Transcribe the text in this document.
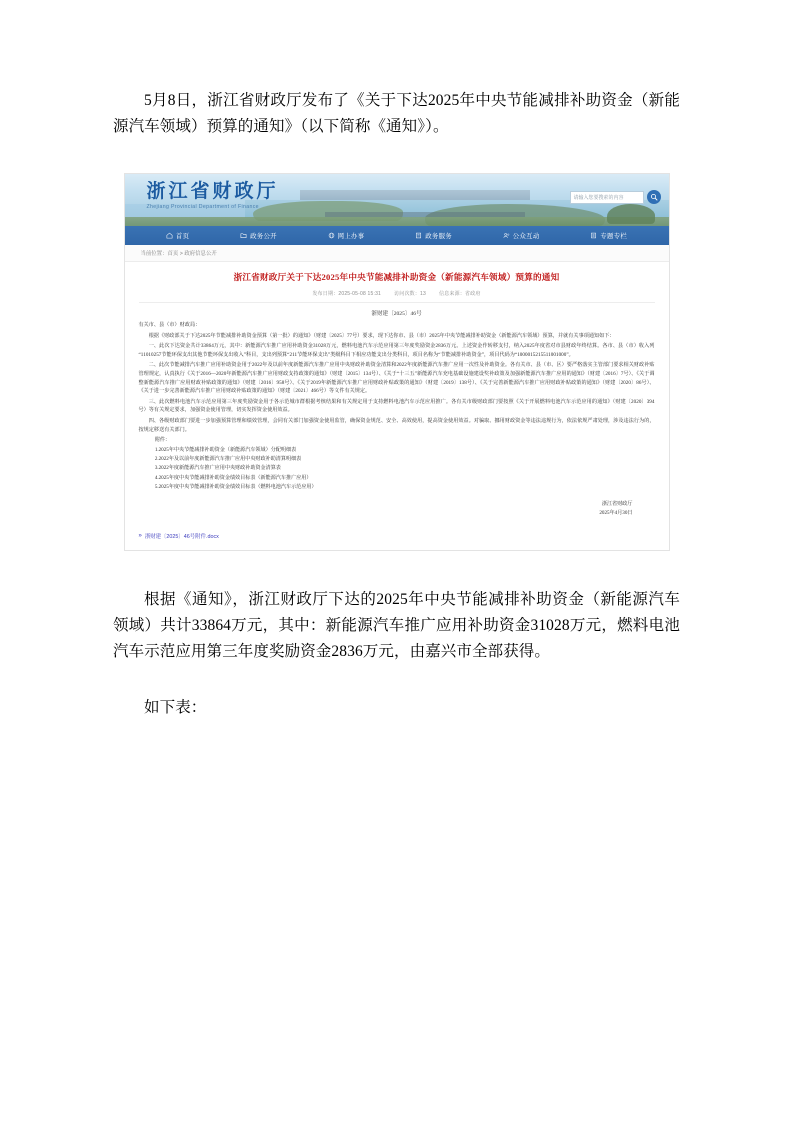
5月8日，浙江省财政厅发布了《关于下达2025年中央节能减排补助资金（新能源汽车领域）预算的通知》（以下简称《通知》）。

浙江省财政厅
Zhejiang Provincial Department of Finance
请输入您要搜索的内容
首页	政务公开	网上办事	政务服务	公众互动	专题专栏
当前位置：首页 > 政府信息公开
浙江省财政厅关于下达2025年中央节能减排补助资金（新能源汽车领域）预算的通知
发布日期：2025-05-08 15:31	访问次数：13	信息来源：省政府
浙财建〔2025〕46号

有关市、县（市）财政局：

根据《财政部关于下达2025年节能减排补助资金预算（第一批）的通知》（财建〔2025〕77号）要求，现下达你市、县（市）2025年中央节能减排补助资金（新能源汽车领域）预算，并就有关事项通知如下：

一、此次下达资金共计33864万元，其中：新能源汽车推广应用补助资金31028万元，燃料电池汽车示范应用第三年度奖励资金2836万元。上述资金作转移支付，纳入2025年度省对市县财政年终结算。各市、县（市）收入列“11010257节能环保支出其他节能环保支出收入”科目，支出列预算“211节能环保支出”类级科目下相应功能支出分类科目，项目名称为“节能减排补助资金”，项目代码为“1000015215511001000”。

二、此次节能减排汽车推广应用补助资金用于2022年及以前年度新能源汽车推广应用中央财政补助资金清算和2022年度新能源汽车推广应用一次性及补助资金。各有关市、县（市、区）要严格落实主管部门要求相关财政补贴管理规定，认真执行《关于2016—2020年新能源汽车推广应用财政支持政策的通知》（财建〔2015〕134号）、《关于“十三五”新能源汽车充电基础设施建设奖补政策及加强新能源汽车推广应用的通知》（财建〔2016〕7号）、《关于调整新能源汽车推广应用财政补贴政策的通知》（财建〔2016〕958号）、《关于2019年新能源汽车推广应用财政补贴政策的通知》（财建〔2019〕138号）、《关于完善新能源汽车推广应用财政补贴政策的通知》（财建〔2020〕86号）、《关于进一步完善新能源汽车推广应用财政补贴政策的通知》（财建〔2021〕466号）等文件有关规定。

三、此次燃料电池汽车示范应用第三年度奖励资金用于各示范城市群根据考核结果和有关规定用于支持燃料电池汽车示范应用推广。各有关市级财政部门要按照《关于开展燃料电池汽车示范应用的通知》（财建〔2020〕394号）等有关规定要求，加强资金使用管理，切实发挥资金使用效益。

四、各级财政部门要进一步加强预算管理和绩效管理，会同有关部门加强资金使用监管，确保资金规范、安全、高效使用，提高资金使用效益。对骗取、挪用财政资金等违法违规行为，依法依规严肃处理，涉及违法行为的，按规定移送有关部门。

附件：
1.2025年中央节能减排补助资金（新能源汽车领域）分配明细表
2.2022年及以前年度新能源汽车推广应用中央财政补助清算明细表
3.2022年度新能源汽车推广应用中央财政补助资金清算表
4.2025年度中央节能减排补助资金绩效目标表（新能源汽车推广应用）
5.2025年度中央节能减排补助资金绩效目标表（燃料电池汽车示范应用）
浙江省财政厅
2025年4月30日
» 浙财建〔2025〕46号附件.docx

根据《通知》，浙江财政厅下达的2025年中央节能减排补助资金（新能源汽车领域）共计33864万元，其中：新能源汽车推广应用补助资金31028万元，燃料电池汽车示范应用第三年度奖励资金2836万元，由嘉兴市全部获得。

如下表：
